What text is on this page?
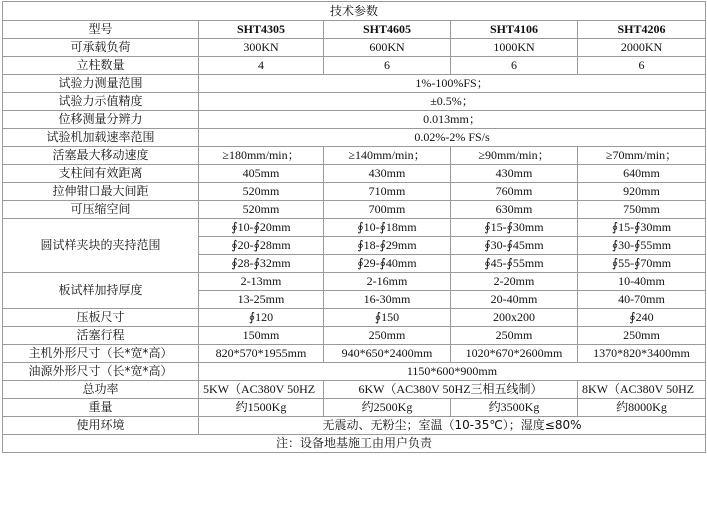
技术参数				
型号	SHT4305	SHT4605	SHT4106	SHT4206
可承载负荷	300KN	600KN	1000KN	2000KN
立柱数量	4	6	6	6
试验力测量范围	1%-100%FS；			
试验力示值精度	±0.5%；			
位移测量分辨力	0.013mm；			
试验机加载速率范围	0.02%-2% FS/s			
活塞最大移动速度	≥180mm/min；	≥140mm/min；	≥90mm/min；	≥70mm/min；
支柱间有效距离	405mm	430mm	430mm	640mm
拉伸钳口最大间距	520mm	710mm	760mm	920mm
可压缩空间	520mm	700mm	630mm	750mm
圆试样夹块的夹持范围	∮10-∮20mm	∮10-∮18mm	∮15-∮30mm	∮15-∮30mm
	∮20-∮28mm	∮18-∮29mm	∮30-∮45mm	∮30-∮55mm
	∮28-∮32mm	∮29-∮40mm	∮45-∮55mm	∮55-∮70mm
板试样加持厚度	2-13mm	2-16mm	2-20mm	10-40mm
	13-25mm	16-30mm	20-40mm	40-70mm
压板尺寸	∮120	∮150	200x200	∮240
活塞行程	150mm	250mm	250mm	250mm
主机外形尺寸（长*宽*高）	820*570*1955mm	940*650*2400mm	1020*670*2600mm	1370*820*3400mm
油源外形尺寸（长*宽*高）	1150*600*900mm			
总功率	5KW（AC380V 50HZ	6KW（AC380V 50HZ三相五线制）		8KW（AC380V 50HZ
重量	约1500Kg	约2500Kg	约3500Kg	约8000Kg
使用环境	无震动、无粉尘；室温（10-35℃）；湿度≤80%			
注：设备地基施工由用户负责				
